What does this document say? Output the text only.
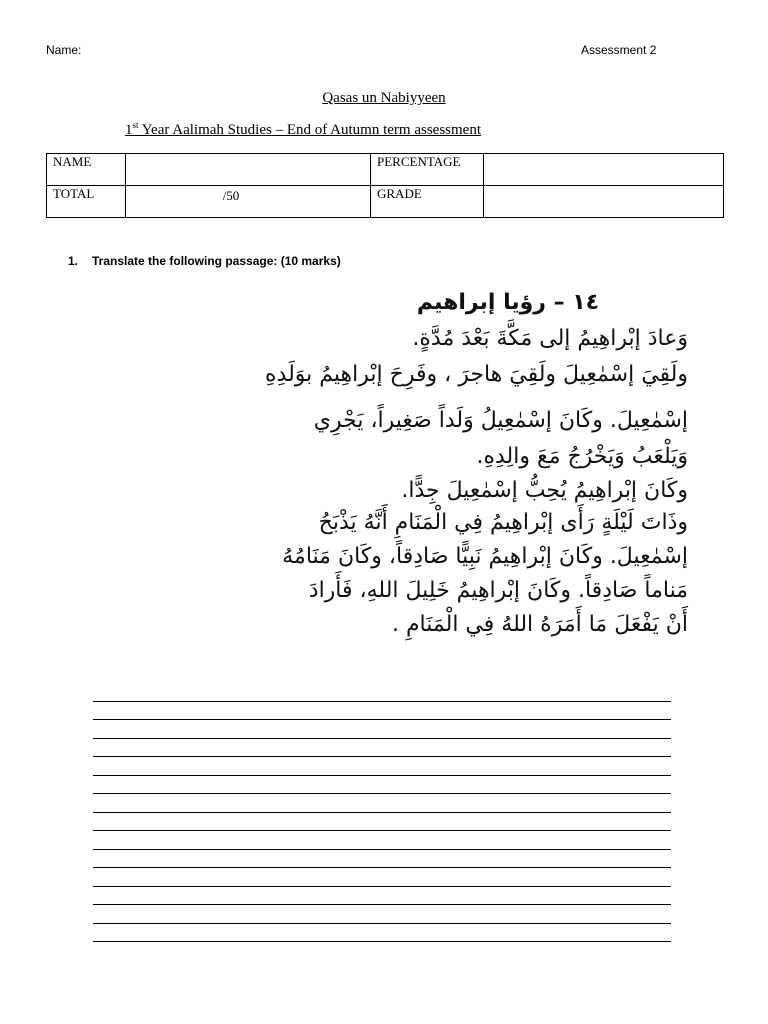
Name:	Assessment 2
Qasas un Nabiyyeen
1st Year Aalimah Studies – End of Autumn term assessment
NAME		PERCENTAGE	

TOTAL	/50	GRADE	
1. Translate the following passage: (10 marks)
١٤ – رؤيا إبراهيم
وَعادَ إبْراهِيمُ إلى مَكَّةَ بَعْدَ مُدَّةٍ.
ولَقِيَ إسْمٰعِيلَ ولَقِيَ هاجرَ ، وفَرِحَ إبْراهِيمُ بوَلَدِهِ
إسْمٰعِيلَ. وكَانَ إسْمٰعِيلُ وَلَداً صَغِيراً، يَجْرِي
وَيَلْعَبُ وَيَخْرُجُ مَعَ والِدِهِ.
وكَانَ إبْراهِيمُ يُحِبُّ إسْمٰعِيلَ جِدًّا.
وذَاتَ لَيْلَةٍ رَأَى إبْراهِيمُ فِي الْمَنَامِ أَنَّهُ يَذْبَحُ
إسْمٰعِيلَ. وكَانَ إبْراهِيمُ نَبِيًّا صَادِقاً، وكَانَ مَنَامُهُ
مَناماً صَادِقاً. وكَانَ إبْراهِيمُ خَلِيلَ اللهِ، فَأَرادَ
أَنْ يَفْعَلَ مَا أَمَرَهُ اللهُ فِي الْمَنَامِ .
